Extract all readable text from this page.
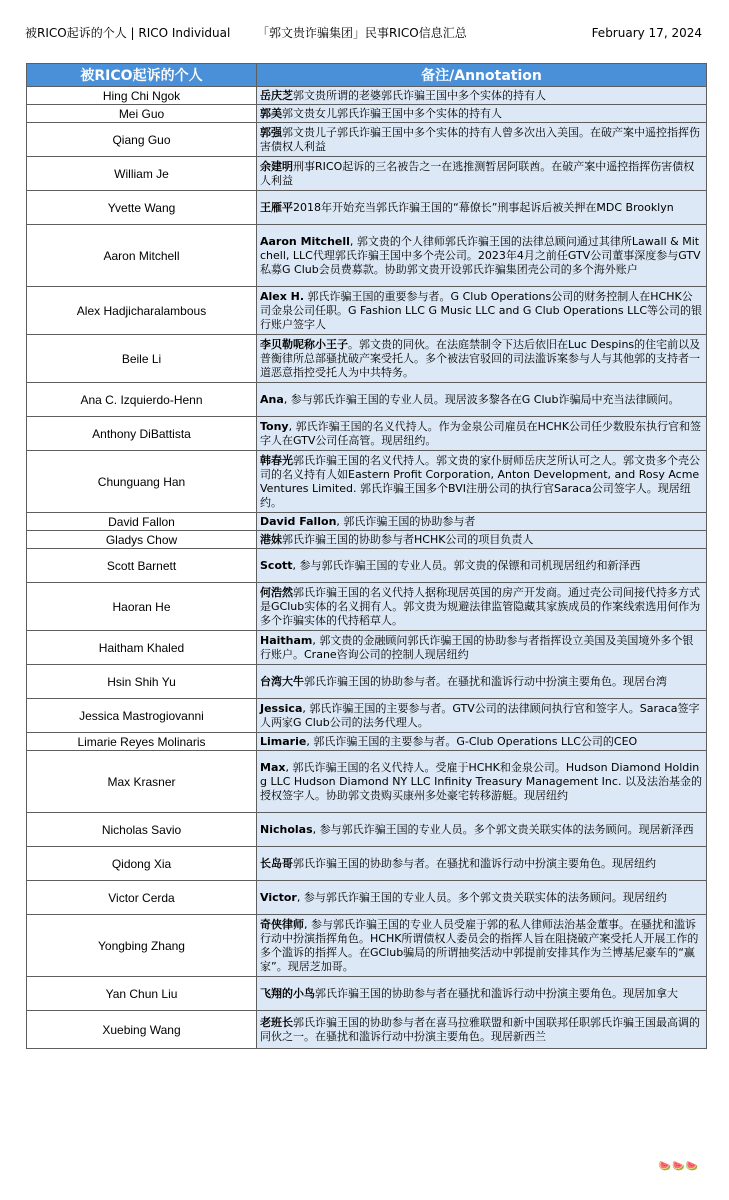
被RICO起诉的个人 | RICO Individual 「郭文贵诈骗集团」民事RICO信息汇总	February 17, 2024
被RICO起诉的个人	备注/Annotation
Hing Chi Ngok	岳庆芝郭文贵所谓的老婆郭氏诈骗王国中多个实体的持有人
Mei Guo	郭美郭文贵女儿郭氏诈骗王国中多个实体的持有人
Qiang Guo	郭强郭文贵儿子郭氏诈骗王国中多个实体的持有人曾多次出入美国。在破产案中遥控指挥伤害债权人利益
William Je	余建明刑事RICO起诉的三名被告之一在逃推测暂居阿联酋。在破产案中遥控指挥伤害债权人利益
Yvette Wang	王雁平2018年开始充当郭氏诈骗王国的“幕僚长”刑事起诉后被关押在MDC Brooklyn
Aaron Mitchell	Aaron Mitchell, 郭文贵的个人律师郭氏诈骗王国的法律总顾问通过其律所Lawall & Mitchell, LLC代理郭氏诈骗王国中多个壳公司。2023年4月之前任GTV公司董事深度参与GTV私募G Club会员费募款。协助郭文贵开设郭氏诈骗集团壳公司的多个海外账户
Alex Hadjicharalambous	Alex H. 郭氏诈骗王国的重要参与者。G Club Operations公司的财务控制人在HCHK公司金泉公司任职。G Fashion LLC G Music LLC and G Club Operations LLC等公司的银行账户签字人
Beile Li	李贝勒呢称小王子。郭文贵的同伙。在法庭禁制令下达后依旧在Luc Despins的住宅前以及普衡律所总部骚扰破产案受托人。多个被法官驳回的司法滥诉案参与人与其他郭的支持者一道恶意指控受托人为中共特务。
Ana C. Izquierdo-Henn	Ana, 参与郭氏诈骗王国的专业人员。现居波多黎各在G Club诈骗局中充当法律顾问。
Anthony DiBattista	Tony, 郭氏诈骗王国的名义代持人。作为金泉公司雇员在HCHK公司任少数股东执行官和签字人在GTV公司任高管。现居纽约。
Chunguang Han	韩春光郭氏诈骗王国的名义代持人。郭文贵的家仆厨师岳庆芝所认可之人。郭文贵多个壳公司的名义持有人如Eastern Profit Corporation, Anton Development, and Rosy Acme Ventures Limited. 郭氏诈骗王国多个BVI注册公司的执行官Saraca公司签字人。现居纽约。
David Fallon	David Fallon, 郭氏诈骗王国的协助参与者
Gladys Chow	港妹郭氏诈骗王国的协助参与者HCHK公司的项目负责人
Scott Barnett	Scott, 参与郭氏诈骗王国的专业人员。郭文贵的保镖和司机现居纽约和新泽西
Haoran He	何浩然郭氏诈骗王国的名义代持人据称现居英国的房产开发商。通过壳公司间接代持多方式是GClub实体的名义拥有人。郭文贵为规避法律监管隐藏其家族成员的作案线索选用何作为多个诈骗实体的代持稻草人。
Haitham Khaled	Haitham, 郭文贵的金融顾问郭氏诈骗王国的协助参与者指挥设立美国及美国境外多个银行账户。Crane咨询公司的控制人现居纽约
Hsin Shih Yu	台湾大牛郭氏诈骗王国的协助参与者。在骚扰和滥诉行动中扮演主要角色。现居台湾
Jessica Mastrogiovanni	Jessica, 郭氏诈骗王国的主要参与者。GTV公司的法律顾问执行官和签字人。Saraca签字人两家G Club公司的法务代理人。
Limarie Reyes Molinaris	Limarie, 郭氏诈骗王国的主要参与者。G-Club Operations LLC公司的CEO
Max Krasner	Max, 郭氏诈骗王国的名义代持人。受雇于HCHK和金泉公司。Hudson Diamond Holding LLC Hudson Diamond NY LLC Infinity Treasury Management Inc. 以及法治基金的授权签字人。协助郭文贵购买康州多处豪宅转移游艇。现居纽约
Nicholas Savio	Nicholas, 参与郭氏诈骗王国的专业人员。多个郭文贵关联实体的法务顾问。现居新泽西
Qidong Xia	长岛哥郭氏诈骗王国的协助参与者。在骚扰和滥诉行动中扮演主要角色。现居纽约
Victor Cerda	Victor, 参与郭氏诈骗王国的专业人员。多个郭文贵关联实体的法务顾问。现居纽约
Yongbing Zhang	奇侠律师, 参与郭氏诈骗王国的专业人员受雇于郭的私人律师法治基金董事。在骚扰和滥诉行动中扮演指挥角色。HCHK所谓债权人委员会的指挥人旨在阻挠破产案受托人开展工作的多个滥诉的指挥人。在GClub骗局的所谓抽奖活动中郭提前安排其作为兰博基尼豪车的“赢家”。现居芝加哥。
Yan Chun Liu	飞翔的小鸟郭氏诈骗王国的协助参与者在骚扰和滥诉行动中扮演主要角色。现居加拿大
Xuebing Wang	老班长郭氏诈骗王国的协助参与者在喜马拉雅联盟和新中国联邦任职郭氏诈骗王国最高调的同伙之一。在骚扰和滥诉行动中扮演主要角色。现居新西兰
🍉🍉🍉
